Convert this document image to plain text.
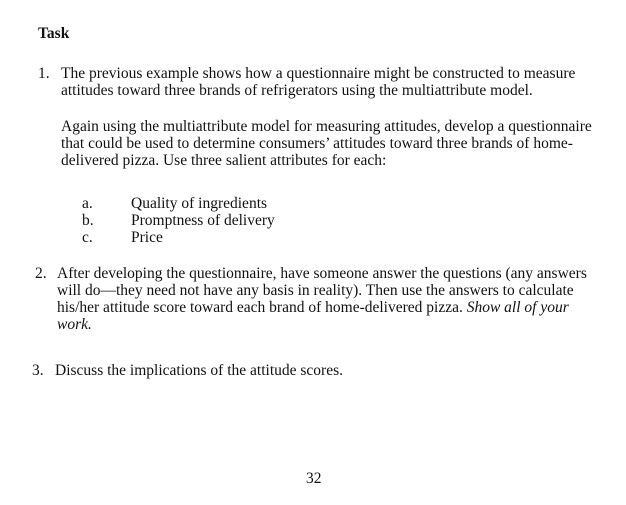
Task
1. The previous example shows how a questionnaire might be constructed to measure
attitudes toward three brands of refrigerators using the multiattribute model.
Again using the multiattribute model for measuring attitudes, develop a questionnaire
that could be used to determine consumers’ attitudes toward three brands of home-
delivered pizza. Use three salient attributes for each:
a. Quality of ingredients
b. Promptness of delivery
c. Price
2. After developing the questionnaire, have someone answer the questions (any answers
will do—they need not have any basis in reality). Then use the answers to calculate
his/her attitude score toward each brand of home-delivered pizza. Show all of your
work.
3. Discuss the implications of the attitude scores.
32
